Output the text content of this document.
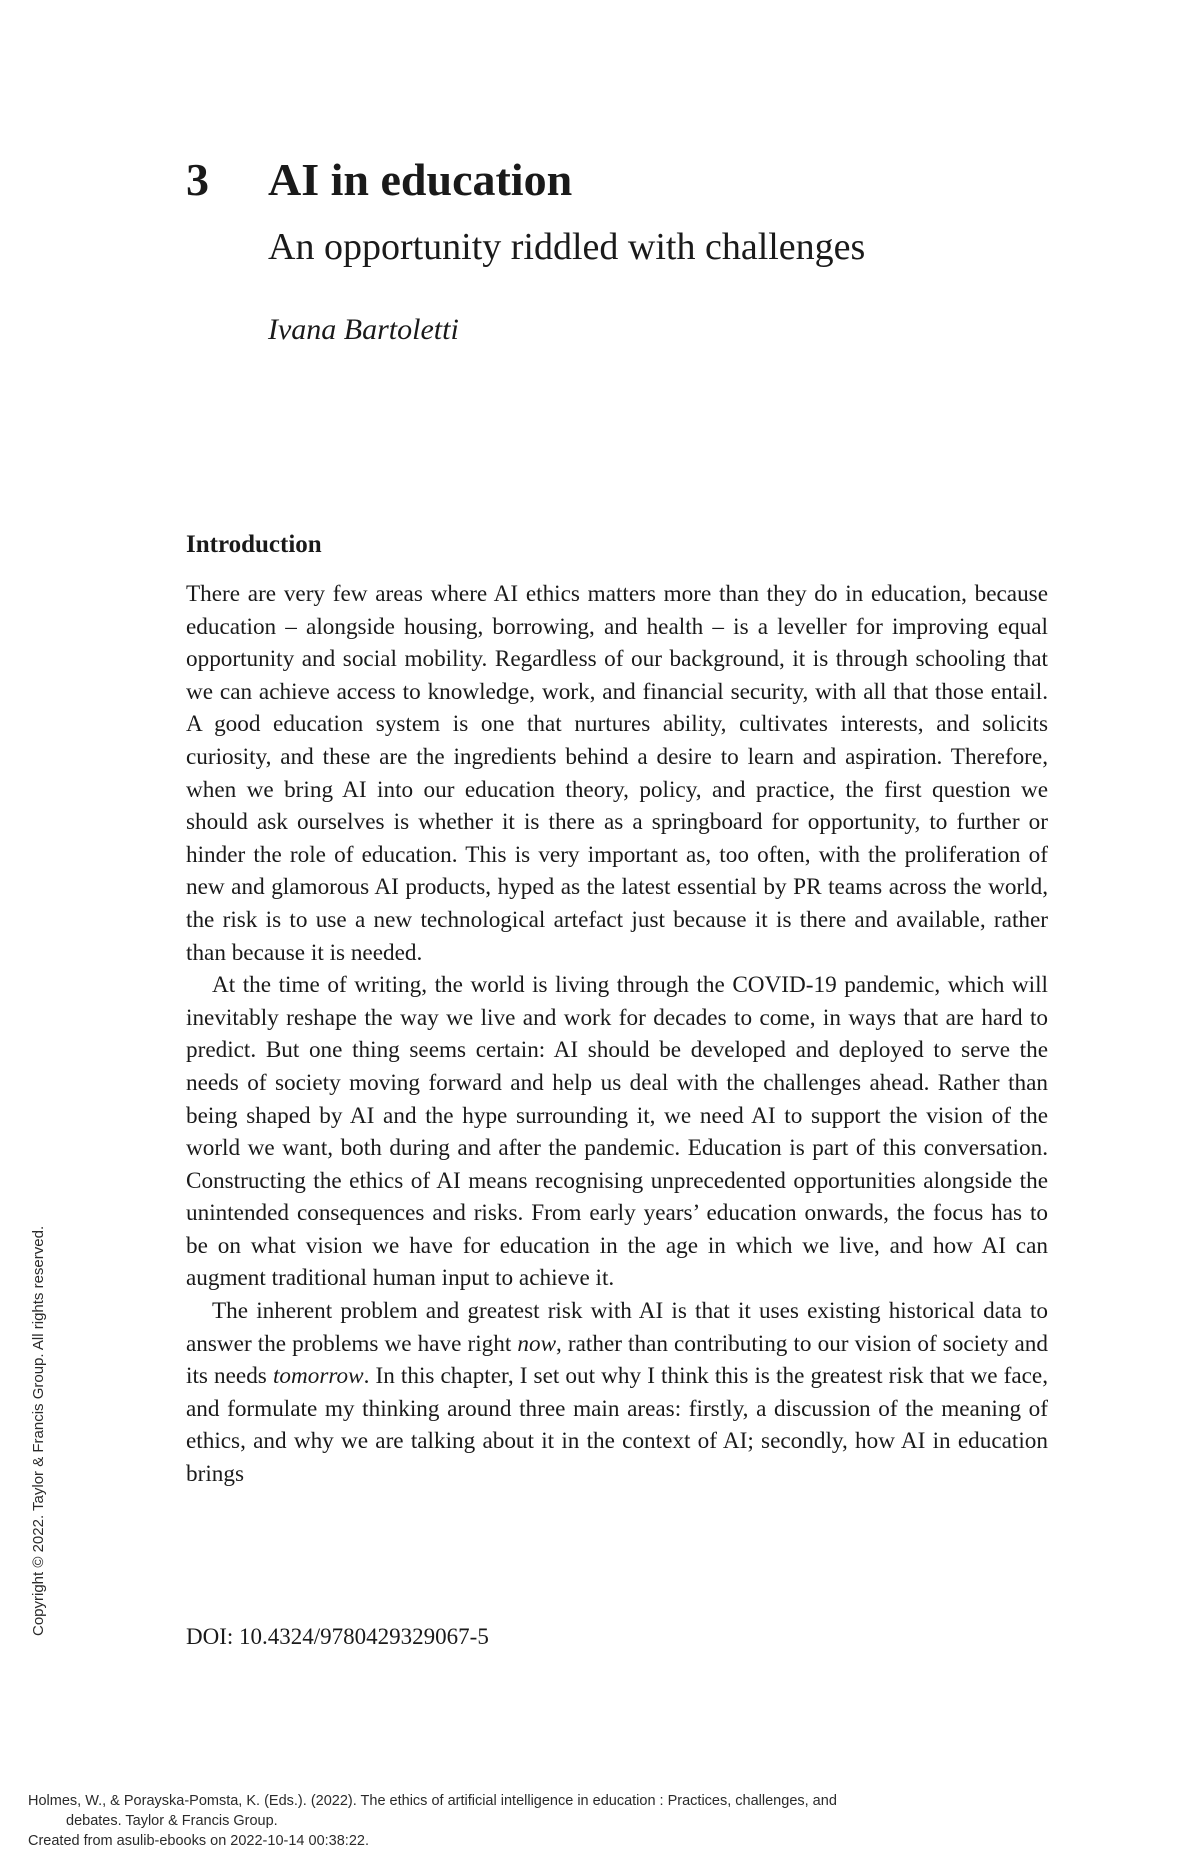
3 AI in education
An opportunity riddled with challenges
Ivana Bartoletti
Introduction

There are very few areas where AI ethics matters more than they do in education, because education – alongside housing, borrowing, and health – is a leveller for improving equal opportunity and social mobility. Regardless of our background, it is through schooling that we can achieve access to knowledge, work, and financial security, with all that those entail. A good education system is one that nurtures ability, cultivates interests, and solicits curiosity, and these are the ingredients behind a desire to learn and aspiration. Therefore, when we bring AI into our education theory, policy, and practice, the first question we should ask ourselves is whether it is there as a springboard for opportunity, to further or hinder the role of education. This is very important as, too often, with the proliferation of new and glamorous AI products, hyped as the latest essential by PR teams across the world, the risk is to use a new technological artefact just because it is there and available, rather than because it is needed.

At the time of writing, the world is living through the COVID-19 pandemic, which will inevitably reshape the way we live and work for decades to come, in ways that are hard to predict. But one thing seems certain: AI should be developed and deployed to serve the needs of society moving forward and help us deal with the challenges ahead. Rather than being shaped by AI and the hype surrounding it, we need AI to support the vision of the world we want, both during and after the pandemic. Education is part of this conversation. Constructing the ethics of AI means recognising unprecedented opportunities alongside the unintended consequences and risks. From early years’ education onwards, the focus has to be on what vision we have for education in the age in which we live, and how AI can augment traditional human input to achieve it.

The inherent problem and greatest risk with AI is that it uses existing historical data to answer the problems we have right now, rather than contributing to our vision of society and its needs tomorrow. In this chapter, I set out why I think this is the greatest risk that we face, and formulate my thinking around three main areas: firstly, a discussion of the meaning of ethics, and why we are talking about it in the context of AI; secondly, how AI in education brings

DOI: 10.4324/9780429329067-5
Copyright © 2022. Taylor & Francis Group. All rights reserved.
Holmes, W., & Porayska-Pomsta, K. (Eds.). (2022). The ethics of artificial intelligence in education : Practices, challenges, and
debates. Taylor & Francis Group.
Created from asulib-ebooks on 2022-10-14 00:38:22.
